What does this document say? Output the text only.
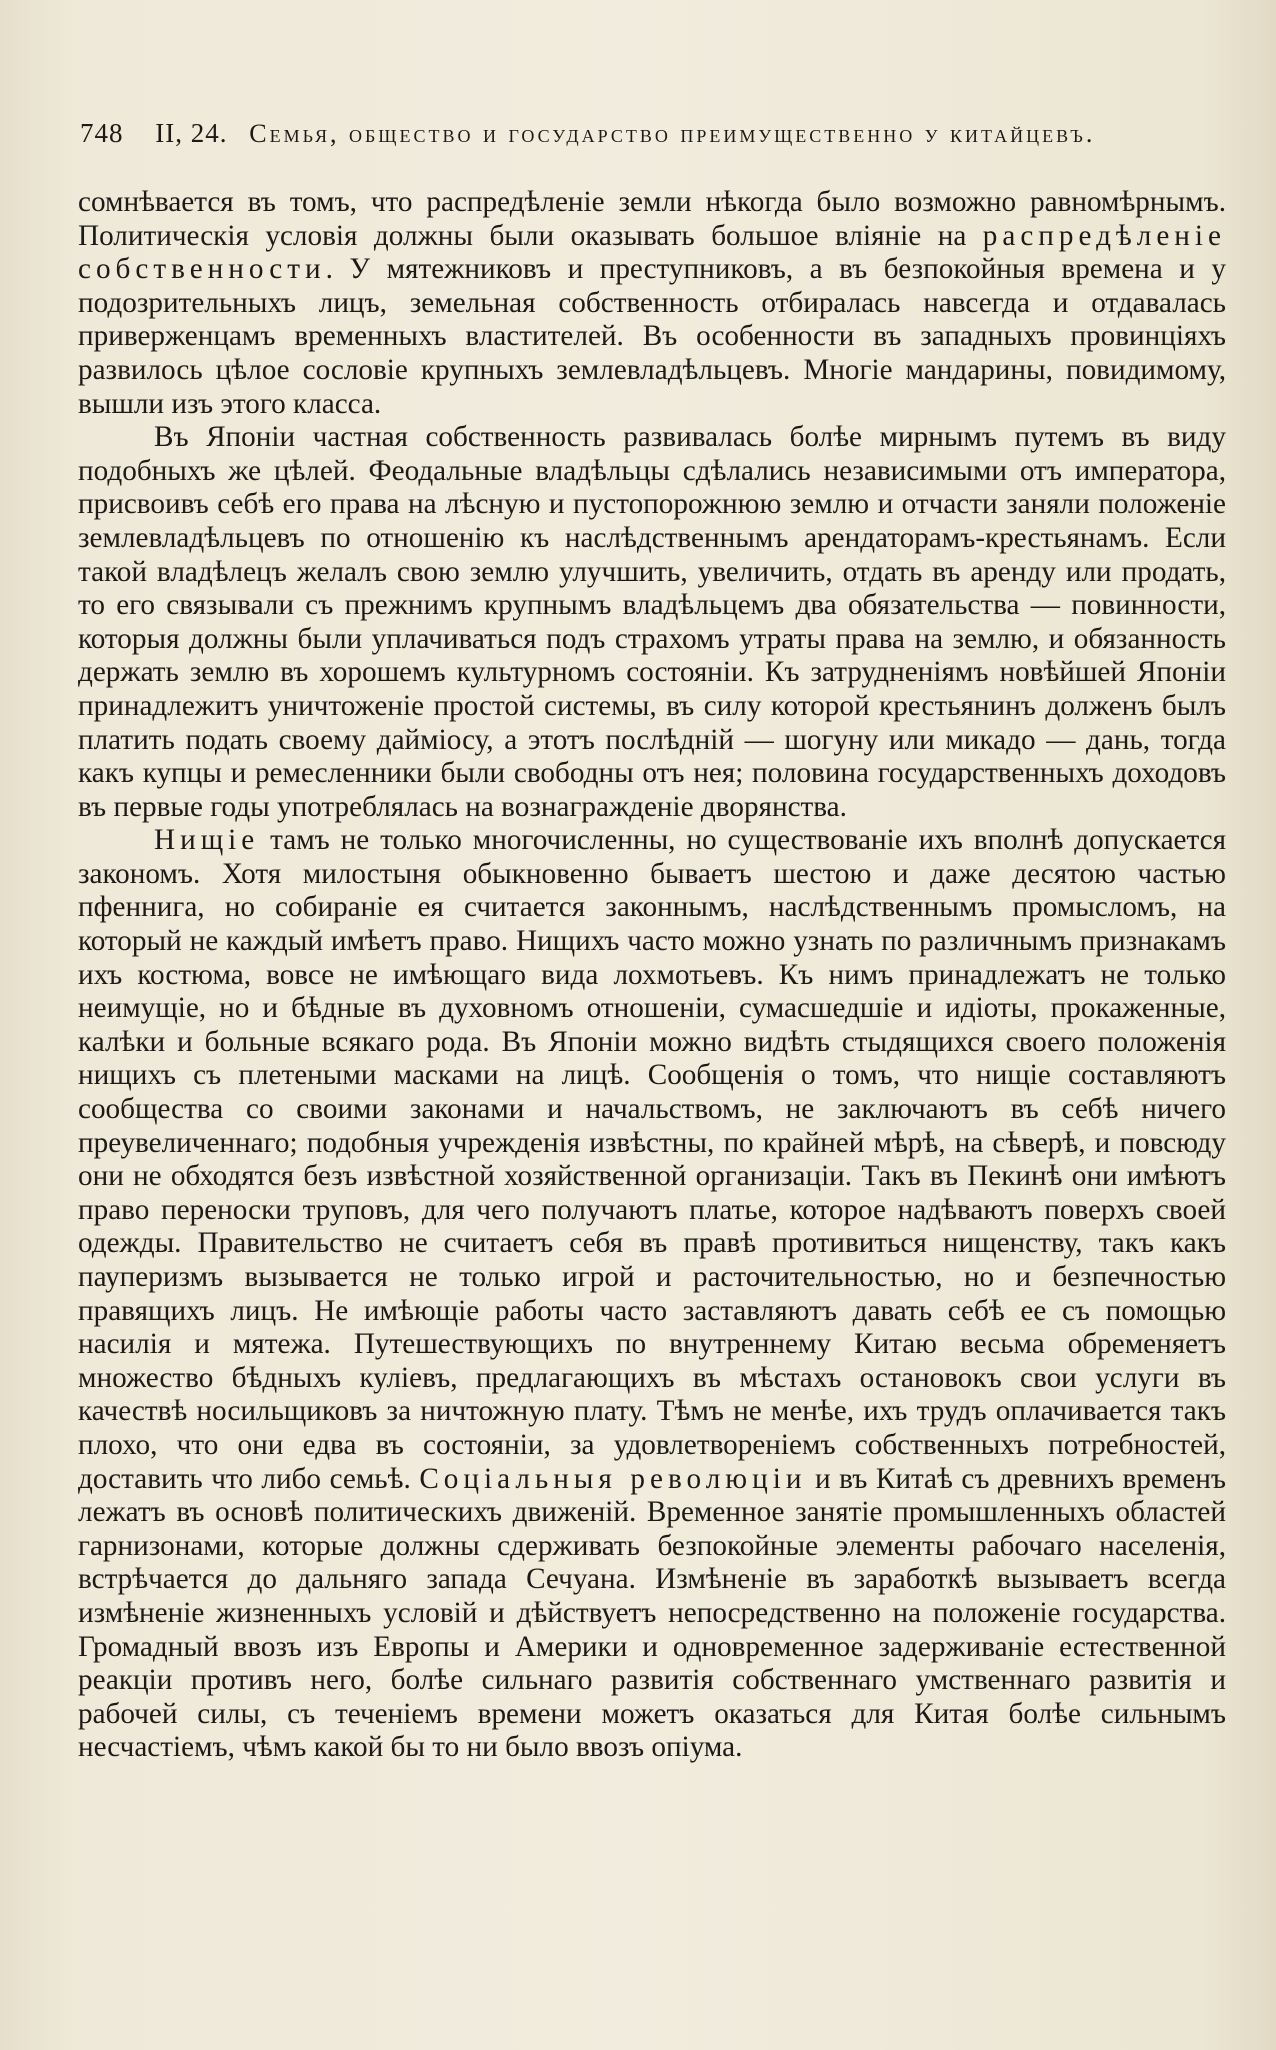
748 II, 24. Семья, общество и государство преимущественно у китайцевъ.

сомнѣвается въ томъ, что распредѣленіе земли нѣкогда было возможно равномѣрнымъ. Политическія условія должны были оказывать большое вліяніе на распредѣленіе собственности. У мятежниковъ и преступниковъ, а въ безпокойныя времена и у подозрительныхъ лицъ, земельная собственность отбиралась навсегда и отдавалась приверженцамъ временныхъ властителей. Въ особенности въ западныхъ провинціяхъ развилось цѣлое сословіе крупныхъ землевладѣльцевъ. Многіе мандарины, повидимому, вышли изъ этого класса.

Въ Японіи частная собственность развивалась болѣе мирнымъ путемъ въ виду подобныхъ же цѣлей. Феодальные владѣльцы сдѣлались независимыми отъ императора, присвоивъ себѣ его права на лѣсную и пустопорожнюю землю и отчасти заняли положеніе землевладѣльцевъ по отношенію къ наслѣдственнымъ арендаторамъ-крестьянамъ. Если такой владѣлецъ желалъ свою землю улучшить, увеличить, отдать въ аренду или продать, то его связывали съ прежнимъ крупнымъ владѣльцемъ два обязательства — повинности, которыя должны были уплачиваться подъ страхомъ утраты права на землю, и обязанность держать землю въ хорошемъ культурномъ состояніи. Къ затрудненіямъ новѣйшей Японіи принадлежитъ уничтоженіе простой системы, въ силу которой крестьянинъ долженъ былъ платить подать своему даймiосу, а этотъ послѣдній — шогуну или микадо — дань, тогда какъ купцы и ремесленники были свободны отъ нея; половина государственныхъ доходовъ въ первые годы употреблялась на вознагражденіе дворянства.

Нищіе тамъ не только многочисленны, но существованіе ихъ вполнѣ допускается закономъ. Хотя милостыня обыкновенно бываетъ шестою и даже десятою частью пфеннига, но собираніе ея считается законнымъ, наслѣдственнымъ промысломъ, на который не каждый имѣетъ право. Нищихъ часто можно узнать по различнымъ признакамъ ихъ костюма, вовсе не имѣющаго вида лохмотьевъ. Къ нимъ принадлежатъ не только неимущіе, но и бѣдные въ духовномъ отношеніи, сумасшедшіе и идіоты, прокаженные, калѣки и больные всякаго рода. Въ Японіи можно видѣть стыдящихся своего положенія нищихъ съ плетеными масками на лицѣ. Сообщенія о томъ, что нищіе составляютъ сообщества со своими законами и начальствомъ, не заключаютъ въ себѣ ничего преувеличеннаго; подобныя учрежденія извѣстны, по крайней мѣрѣ, на сѣверѣ, и повсюду они не обходятся безъ извѣстной хозяйственной организаціи. Такъ въ Пекинѣ они имѣютъ право переноски труповъ, для чего получаютъ платье, которое надѣваютъ поверхъ своей одежды. Правительство не считаетъ себя въ правѣ противиться нищенству, такъ какъ пауперизмъ вызывается не только игрой и расточительностью, но и безпечностью правящихъ лицъ. Не имѣющіе работы часто заставляютъ давать себѣ ее съ помощью насилія и мятежа. Путешествующихъ по внутреннему Китаю весьма обременяетъ множество бѣдныхъ кулiевъ, предлагающихъ въ мѣстахъ остановокъ свои услуги въ качествѣ носильщиковъ за ничтожную плату. Тѣмъ не менѣе, ихъ трудъ оплачивается такъ плохо, что они едва въ состояніи, за удовлетвореніемъ собственныхъ потребностей, доставить что либо семьѣ. Соціальныя революціи и въ Китаѣ съ древнихъ временъ лежатъ въ основѣ политическихъ движеній. Временное занятіе промышленныхъ областей гарнизонами, которые должны сдерживать безпокойные элементы рабочаго населенія, встрѣчается до дальняго запада Сечуана. Измѣненіе въ заработкѣ вызываетъ всегда измѣненіе жизненныхъ условій и дѣйствуетъ непосредственно на положеніе государства. Громадный ввозъ изъ Европы и Америки и одновременное задерживаніе естественной реакціи противъ него, болѣе сильнаго развитія собственнаго умственнаго развитія и рабочей силы, съ теченіемъ времени можетъ оказаться для Китая болѣе сильнымъ несчастіемъ, чѣмъ какой бы то ни было ввозъ опіума.
